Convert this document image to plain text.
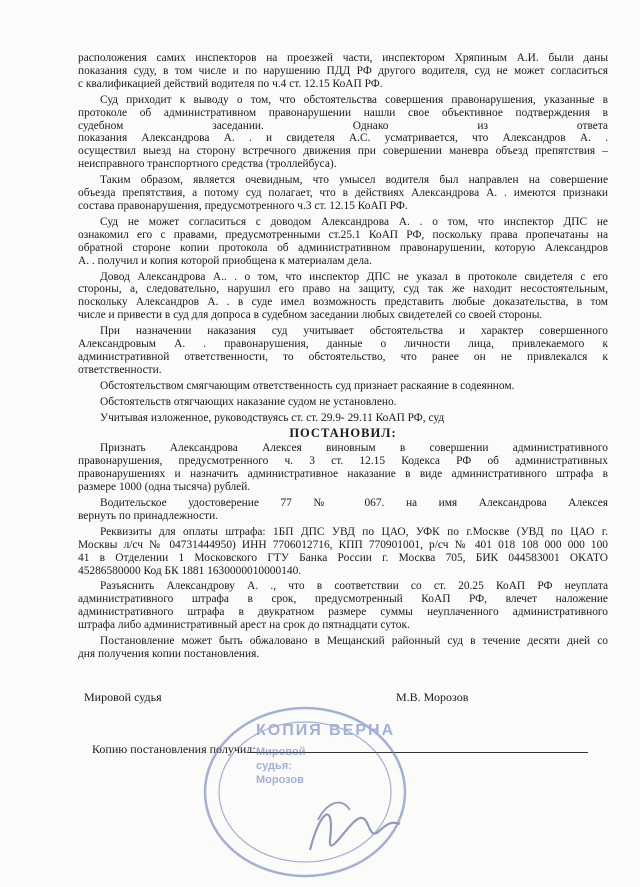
расположения самих инспекторов на проезжей части, инспектором Хряпиным А.И. были даны
показания суду, в том числе и по нарушению ПДД РФ другого водителя, суд не может согласиться
с квалификацией действий водителя по ч.4 ст. 12.15 КоАП РФ.
Суд приходит к выводу о том, что обстоятельства совершения правонарушения, указанные в
протоколе об административном правонарушении нашли свое объективное подтверждения в
судебном заседании. Однако из ответа
показания Александрова А. . и свидетеля А.С. усматривается, что Александров А. .
осуществил выезд на сторону встречного движения при совершении маневра объезд препятствия –
неисправного транспортного средства (троллейбуса).
Таким образом, является очевидным, что умысел водителя был направлен на совершение
объезда препятствия, а потому суд полагает, что в действиях Александрова А. . имеются признаки
состава правонарушения, предусмотренного ч.3 ст. 12.15 КоАП РФ.
Суд не может согласиться с доводом Александрова А. . о том, что инспектор ДПС не
ознакомил его с правами, предусмотренными ст.25.1 КоАП РФ, поскольку права пропечатаны на
обратной стороне копии протокола об административном правонарушении, которую Александров
А. . получил и копия которой приобщена к материалам дела.
Довод Александрова А.. . о том, что инспектор ДПС не указал в протоколе свидетеля с его
стороны, а, следовательно, нарушил его право на защиту, суд так же находит несостоятельным,
поскольку Александров А. . в суде имел возможность представить любые доказательства, в том
числе и привести в суд для допроса в судебном заседании любых свидетелей со своей стороны.
При назначении наказания суд учитывает обстоятельства и характер совершенного
Александровым А. . правонарушения, данные о личности лица, привлекаемого к
административной ответственности, то обстоятельство, что ранее он не привлекался к
ответственности.
Обстоятельством смягчающим ответственность суд признает раскаяние в содеянном.
Обстоятельств отягчающих наказание судом не установлено.
Учитывая изложенное, руководствуясь ст. ст. 29.9- 29.11 КоАП РФ, суд
ПОСТАНОВИЛ:
Признать Александрова Алексея виновным в совершении административного
правонарушения, предусмотренного ч. 3 ст. 12.15 Кодекса РФ об административных
правонарушениях и назначить административное наказание в виде административного штрафа в
размере 1000 (одна тысяча) рублей.
Водительское удостоверение 77 № 067. на имя Александрова Алексея
вернуть по принадлежности.
Реквизиты для оплаты штрафа: 1БП ДПС УВД по ЦАО, УФК по г.Москве (УВД по ЦАО г.
Москвы л/сч № 04731444950) ИНН 7706012716, КПП 770901001, р/сч № 401 018 108 000 000 100
41 в Отделении 1 Московского ГТУ Банка России г. Москва 705, БИК 044583001 ОКАТО
45286580000 Код БК 1881 1630000010000140.
Разъяснить Александрову А. ., что в соответствии со ст. 20.25 КоАП РФ неуплата
административного штрафа в срок, предусмотренный КоАП РФ, влечет наложение
административного штрафа в двукратном размере суммы неуплаченного административного
штрафа либо административный арест на срок до пятнадцати суток.
Постановление может быть обжаловано в Мещанский районный суд в течение десяти дней со
дня получения копии постановления.
Мировой судья	М.В. Морозов
Копию постановления получил:
КОПИЯ ВЕРНА
Мировой
судья:
Морозов
